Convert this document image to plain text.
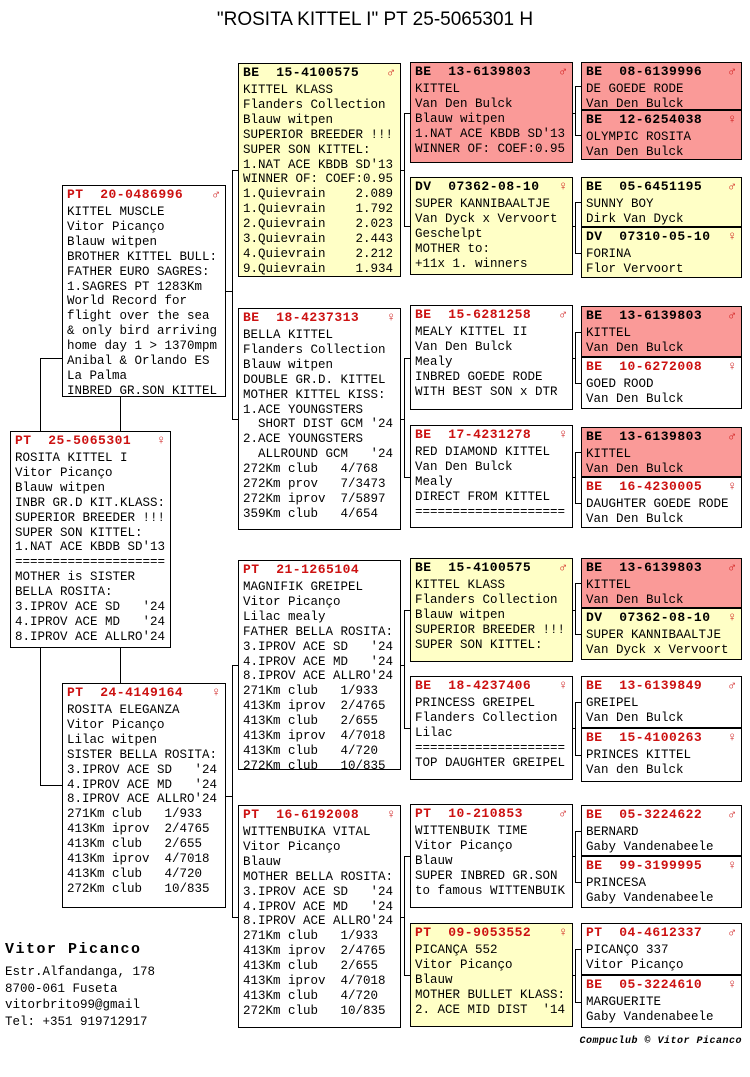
"ROSITA KITTEL I" PT 25-5065301 H
PT  20-0486996 ♂
KITTEL MUSCLE
Vitor Picanço
Blauw witpen
BROTHER KITTEL BULL:
FATHER EURO SAGRES:
1.SAGRES PT 1283Km
World Record for
flight over the sea
& only bird arriving
home day 1 > 1370mpm
Anibal & Orlando ES
La Palma
INBRED GR.SON KITTEL
PT  25-5065301 ♀
ROSITA KITTEL I
Vitor Picanço
Blauw witpen
INBR GR.D KIT.KLASS:
SUPERIOR BREEDER !!!
SUPER SON KITTEL:
1.NAT ACE KBDB SD'13
====================
MOTHER is SISTER
BELLA ROSITA:
3.IPROV ACE SD   '24
4.IPROV ACE MD   '24
8.IPROV ACE ALLRO'24
PT  24-4149164 ♀
ROSITA ELEGANZA
Vitor Picanço
Lilac witpen
SISTER BELLA ROSITA:
3.IPROV ACE SD   '24
4.IPROV ACE MD   '24
8.IPROV ACE ALLRO'24
271Km club   1/933
413Km iprov  2/4765
413Km club   2/655
413Km iprov  4/7018
413Km club   4/720
272Km club   10/835
BE  15-4100575 ♂
KITTEL KLASS
Flanders Collection
Blauw witpen
SUPERIOR BREEDER !!!
SUPER SON KITTEL:
1.NAT ACE KBDB SD'13
WINNER OF: COEF:0.95
1.Quievrain    2.089
1.Quievrain    1.792
2.Quievrain    2.023
3.Quievrain    2.443
4.Quievrain    2.212
9.Quievrain    1.934
BE  18-4237313 ♀
BELLA KITTEL
Flanders Collection
Blauw witpen
DOUBLE GR.D. KITTEL
MOTHER KITTEL KISS:
1.ACE YOUNGSTERS
SHORT DIST GCM '24
2.ACE YOUNGSTERS
ALLROUND GCM   '24
272Km club   4/768
272Km prov   7/3473
272Km iprov  7/5897
359Km club   4/654
PT  21-1265104
MAGNIFIK GREIPEL
Vitor Picanço
Lilac mealy
FATHER BELLA ROSITA:
3.IPROV ACE SD   '24
4.IPROV ACE MD   '24
8.IPROV ACE ALLRO'24
271Km club   1/933
413Km iprov  2/4765
413Km club   2/655
413Km iprov  4/7018
413Km club   4/720
272Km club   10/835
PT  16-6192008 ♀
WITTENBUIKA VITAL
Vitor Picanço
Blauw
MOTHER BELLA ROSITA:
3.IPROV ACE SD   '24
4.IPROV ACE MD   '24
8.IPROV ACE ALLRO'24
271Km club   1/933
413Km iprov  2/4765
413Km club   2/655
413Km iprov  4/7018
413Km club   4/720
272Km club   10/835
BE  13-6139803 ♂
KITTEL
Van Den Bulck
Blauw witpen
1.NAT ACE KBDB SD'13
WINNER OF: COEF:0.95
DV  07362-08-10 ♀
SUPER KANNIBAALTJE
Van Dyck x Vervoort
Geschelpt
MOTHER to:
+11x 1. winners
BE  15-6281258 ♂
MEALY KITTEL II
Van Den Bulck
Mealy
INBRED GOEDE RODE
WITH BEST SON x DTR
BE  17-4231278 ♀
RED DIAMOND KITTEL
Van Den Bulck
Mealy
DIRECT FROM KITTEL
====================
BE  15-4100575 ♂
KITTEL KLASS
Flanders Collection
Blauw witpen
SUPERIOR BREEDER !!!
SUPER SON KITTEL:
BE  18-4237406 ♀
PRINCESS GREIPEL
Flanders Collection
Lilac
====================
TOP DAUGHTER GREIPEL
PT  10-210853	♂
WITTENBUIK TIME
Vitor Picanço
Blauw
SUPER INBRED GR.SON
to famous WITTENBUIK
PT  09-9053552 ♀
PICANÇA 552
Vitor Picanço
Blauw
MOTHER BULLET KLASS:
2. ACE MID DIST  '14
BE  08-6139996 ♂
DE GOEDE RODE
Van Den Bulck
BE  12-6254038 ♀
OLYMPIC ROSITA
Van Den Bulck
BE  05-6451195 ♂
SUNNY BOY
Dirk Van Dyck
DV  07310-05-10 ♀
FORINA
Flor Vervoort
BE  13-6139803 ♂
KITTEL
Van Den Bulck
BE  10-6272008 ♀
GOED ROOD
Van Den Bulck
BE  13-6139803 ♂
KITTEL
Van Den Bulck
BE  16-4230005 ♀
DAUGHTER GOEDE RODE
Van Den Bulck
BE  13-6139803 ♂
KITTEL
Van Den Bulck
DV  07362-08-10 ♀
SUPER KANNIBAALTJE
Van Dyck x Vervoort
BE  13-6139849 ♂
GREIPEL
Van Den Bulck
BE  15-4100263 ♀
PRINCES KITTEL
Van den Bulck
BE  05-3224622 ♂
BERNARD
Gaby Vandenabeele
BE  99-3199995 ♀
PRINCESA
Gaby Vandenabeele
PT  04-4612337 ♂
PICANÇO 337
Vitor Picanço
BE  05-3224610 ♀
MARGUERITE
Gaby Vandenabeele
Vitor Picanco
Estr.Alfandanga, 178
8700-061 Fuseta
vitorbrito99@gmail
Tel: +351 919712917
Compuclub © Vitor Picanco
